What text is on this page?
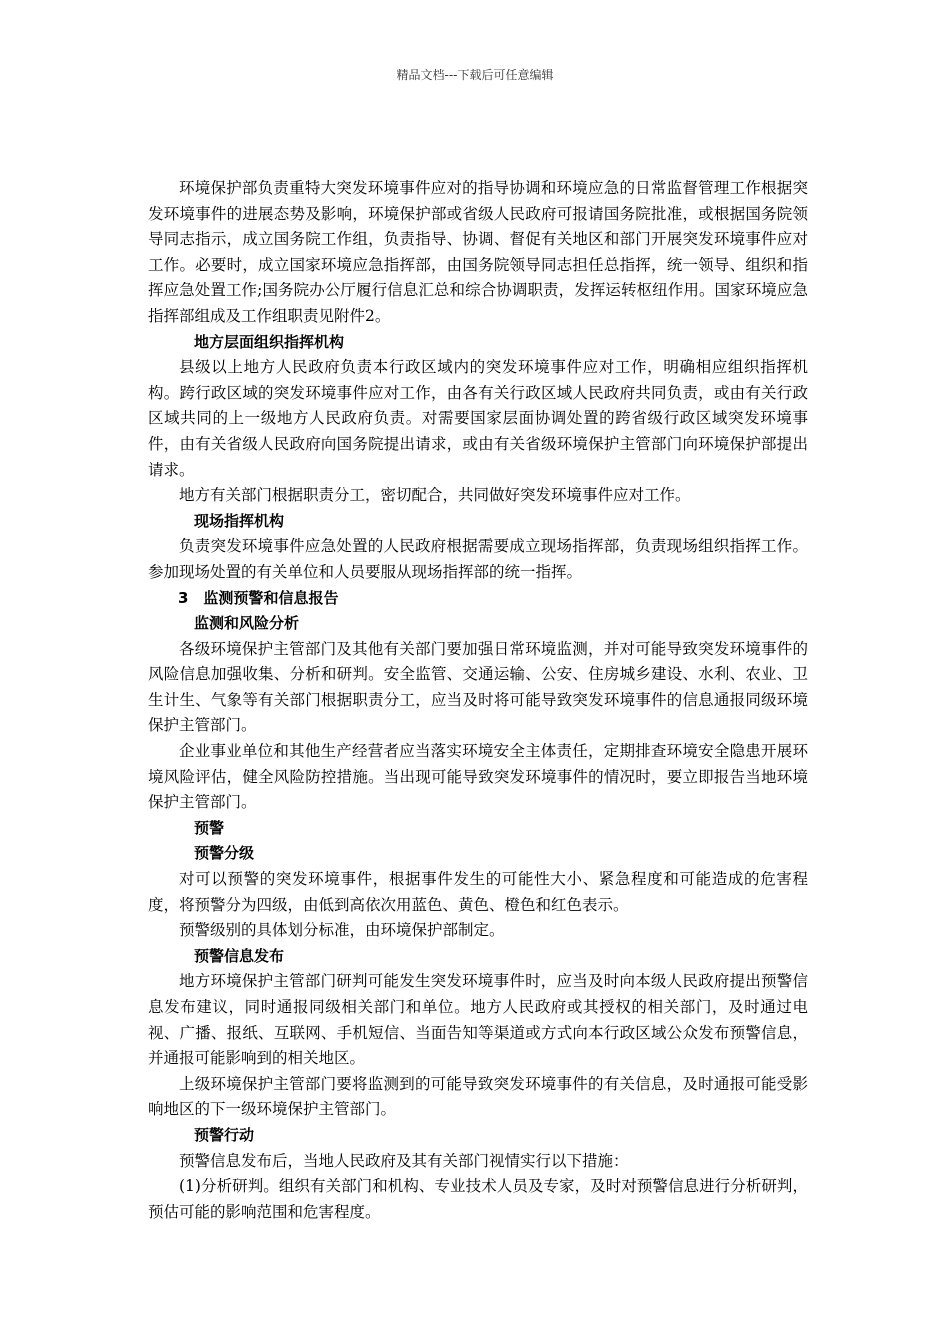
精品文档---下载后可任意编辑

环境保护部负责重特大突发环境事件应对的指导协调和环境应急的日常监督管理工作根据突发环境事件的进展态势及影响，环境保护部或省级人民政府可报请国务院批准，或根据国务院领导同志指示，成立国务院工作组，负责指导、协调、督促有关地区和部门开展突发环境事件应对工作。必要时，成立国家环境应急指挥部，由国务院领导同志担任总指挥，统一领导、组织和指挥应急处置工作;国务院办公厅履行信息汇总和综合协调职责，发挥运转枢纽作用。国家环境应急指挥部组成及工作组职责见附件2。

地方层面组织指挥机构

县级以上地方人民政府负责本行政区域内的突发环境事件应对工作，明确相应组织指挥机构。跨行政区域的突发环境事件应对工作，由各有关行政区域人民政府共同负责，或由有关行政区域共同的上一级地方人民政府负责。对需要国家层面协调处置的跨省级行政区域突发环境事件，由有关省级人民政府向国务院提出请求，或由有关省级环境保护主管部门向环境保护部提出请求。

地方有关部门根据职责分工，密切配合，共同做好突发环境事件应对工作。

现场指挥机构

负责突发环境事件应急处置的人民政府根据需要成立现场指挥部，负责现场组织指挥工作。参加现场处置的有关单位和人员要服从现场指挥部的统一指挥。

3　监测预警和信息报告

监测和风险分析

各级环境保护主管部门及其他有关部门要加强日常环境监测，并对可能导致突发环境事件的风险信息加强收集、分析和研判。安全监管、交通运输、公安、住房城乡建设、水利、农业、卫生计生、气象等有关部门根据职责分工，应当及时将可能导致突发环境事件的信息通报同级环境保护主管部门。

企业事业单位和其他生产经营者应当落实环境安全主体责任，定期排查环境安全隐患开展环境风险评估，健全风险防控措施。当出现可能导致突发环境事件的情况时，要立即报告当地环境保护主管部门。

预警

预警分级

对可以预警的突发环境事件，根据事件发生的可能性大小、紧急程度和可能造成的危害程度，将预警分为四级，由低到高依次用蓝色、黄色、橙色和红色表示。

预警级别的具体划分标准，由环境保护部制定。

预警信息发布

地方环境保护主管部门研判可能发生突发环境事件时，应当及时向本级人民政府提出预警信息发布建议，同时通报同级相关部门和单位。地方人民政府或其授权的相关部门，及时通过电视、广播、报纸、互联网、手机短信、当面告知等渠道或方式向本行政区域公众发布预警信息，并通报可能影响到的相关地区。

上级环境保护主管部门要将监测到的可能导致突发环境事件的有关信息，及时通报可能受影响地区的下一级环境保护主管部门。

预警行动

预警信息发布后，当地人民政府及其有关部门视情实行以下措施：

(1)分析研判。组织有关部门和机构、专业技术人员及专家，及时对预警信息进行分析研判，预估可能的影响范围和危害程度。
